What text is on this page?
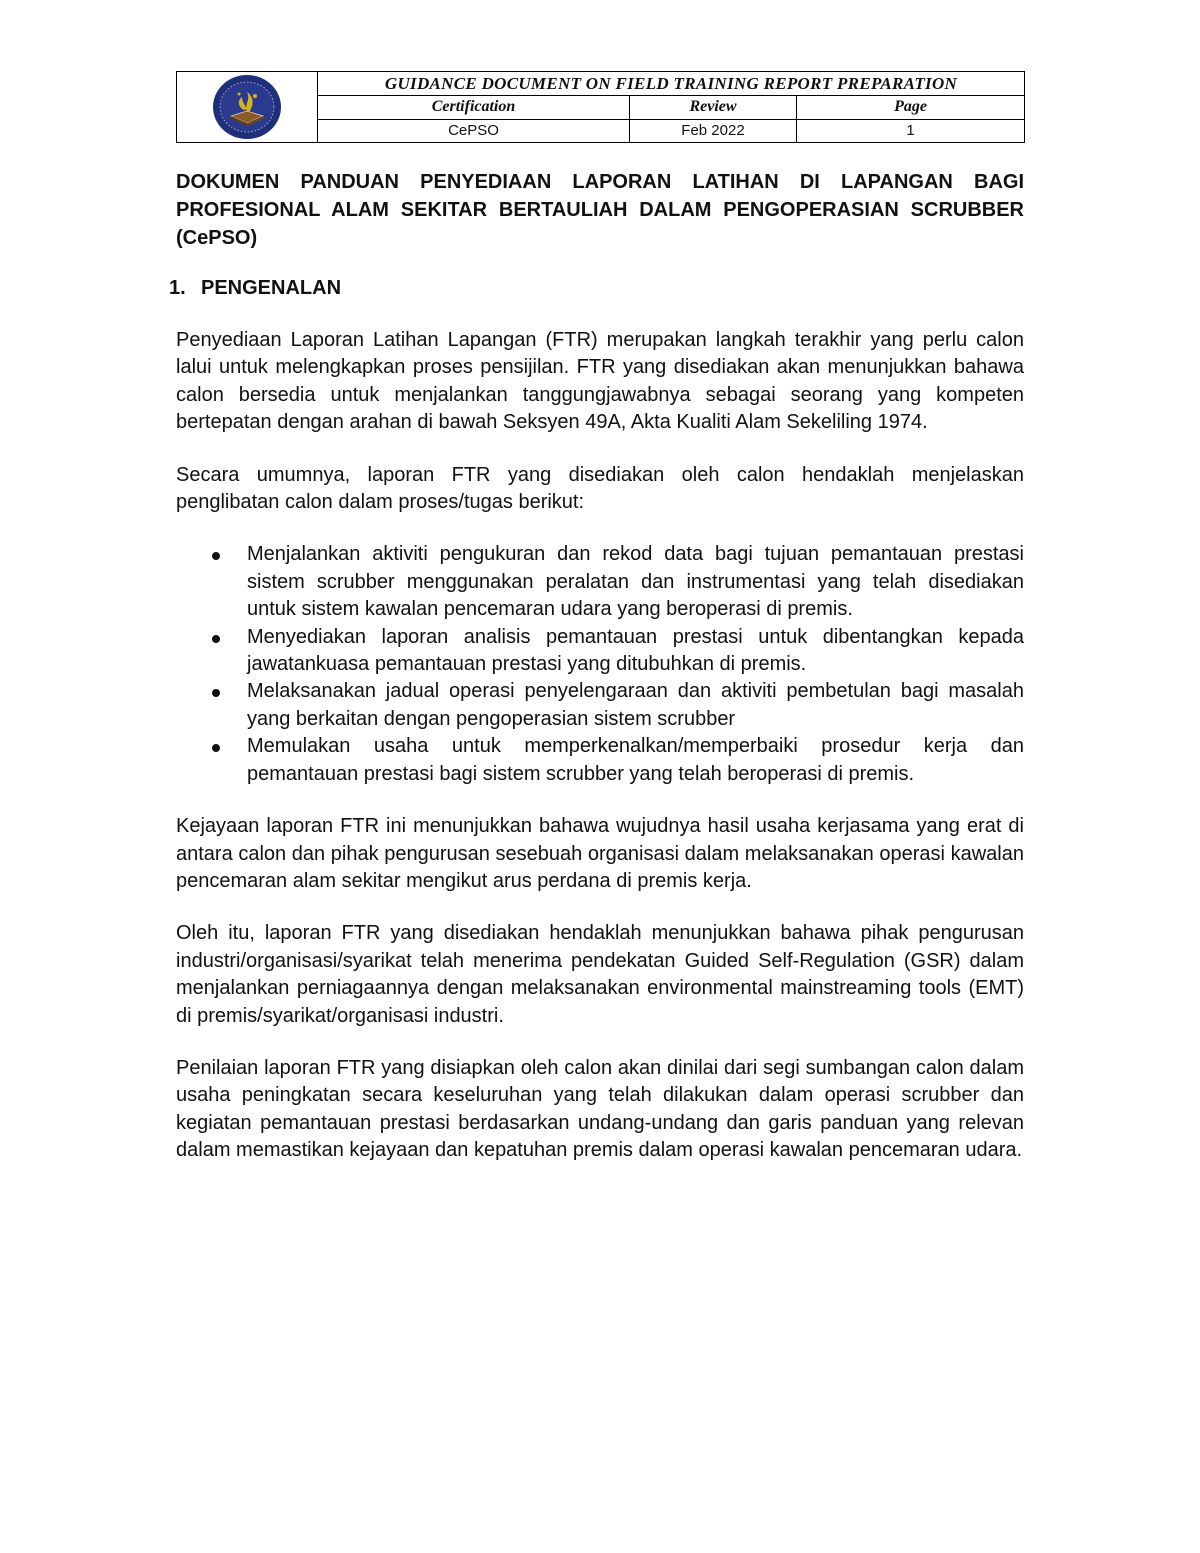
GUIDANCE DOCUMENT ON FIELD TRAINING REPORT PREPARATION
Certification	Review	Page
CePSO	Feb 2022	1
DOKUMEN PANDUAN PENYEDIAAN LAPORAN LATIHAN DI LAPANGAN BAGI PROFESIONAL ALAM SEKITAR BERTAULIAH DALAM PENGOPERASIAN SCRUBBER (CePSO)
1. PENGENALAN

Penyediaan Laporan Latihan Lapangan (FTR) merupakan langkah terakhir yang perlu calon lalui untuk melengkapkan proses pensijilan. FTR yang disediakan akan menunjukkan bahawa calon bersedia untuk menjalankan tanggungjawabnya sebagai seorang yang kompeten bertepatan dengan arahan di bawah Seksyen 49A, Akta Kualiti Alam Sekeliling 1974.

Secara umumnya, laporan FTR yang disediakan oleh calon hendaklah menjelaskan penglibatan calon dalam proses/tugas berikut:

Menjalankan aktiviti pengukuran dan rekod data bagi tujuan pemantauan prestasi sistem scrubber menggunakan peralatan dan instrumentasi yang telah disediakan untuk sistem kawalan pencemaran udara yang beroperasi di premis.
Menyediakan laporan analisis pemantauan prestasi untuk dibentangkan kepada jawatankuasa pemantauan prestasi yang ditubuhkan di premis.
Melaksanakan jadual operasi penyelengaraan dan aktiviti pembetulan bagi masalah yang berkaitan dengan pengoperasian sistem scrubber
Memulakan usaha untuk memperkenalkan/memperbaiki prosedur kerja dan pemantauan prestasi bagi sistem scrubber yang telah beroperasi di premis.

Kejayaan laporan FTR ini menunjukkan bahawa wujudnya hasil usaha kerjasama yang erat di antara calon dan pihak pengurusan sesebuah organisasi dalam melaksanakan operasi kawalan pencemaran alam sekitar mengikut arus perdana di premis kerja.

Oleh itu, laporan FTR yang disediakan hendaklah menunjukkan bahawa pihak pengurusan industri/organisasi/syarikat telah menerima pendekatan Guided Self-Regulation (GSR) dalam menjalankan perniagaannya dengan melaksanakan environmental mainstreaming tools (EMT) di premis/syarikat/organisasi industri.

Penilaian laporan FTR yang disiapkan oleh calon akan dinilai dari segi sumbangan calon dalam usaha peningkatan secara keseluruhan yang telah dilakukan dalam operasi scrubber dan kegiatan pemantauan prestasi berdasarkan undang-undang dan garis panduan yang relevan dalam memastikan kejayaan dan kepatuhan premis dalam operasi kawalan pencemaran udara.
